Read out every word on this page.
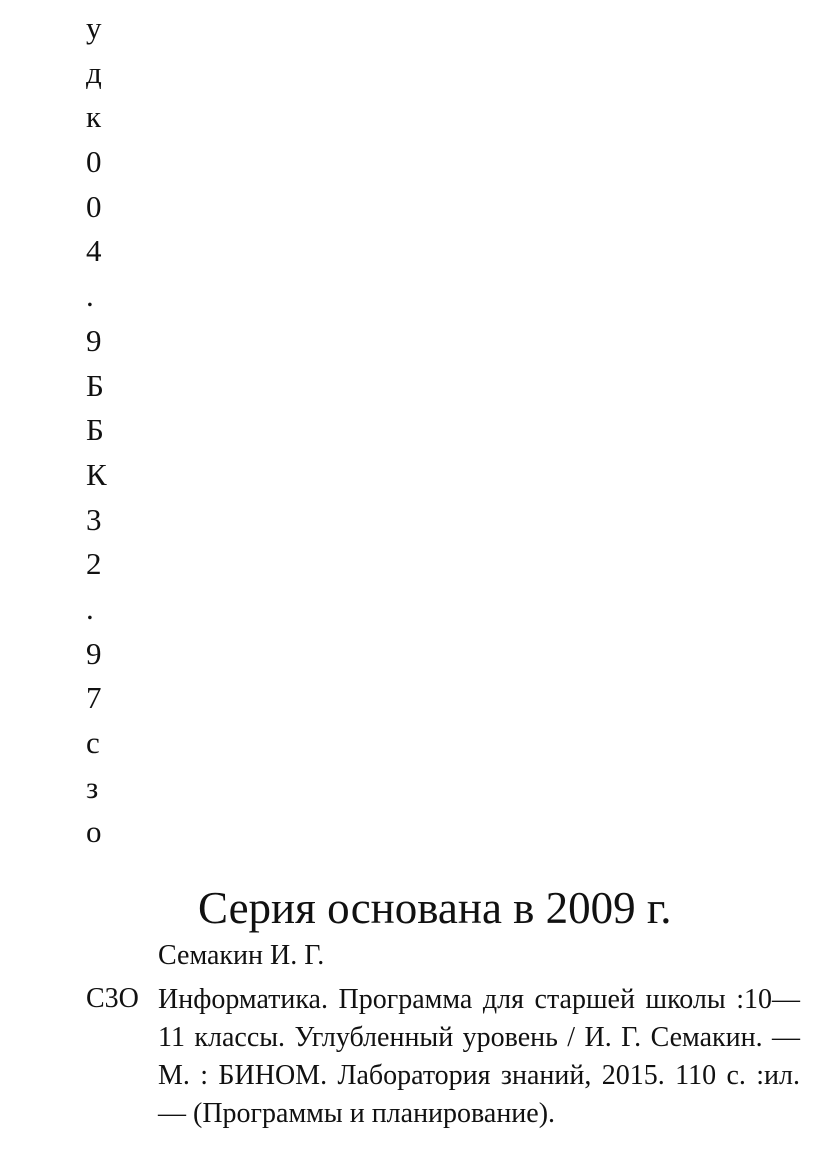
у
д
к
0
0
4
.
9
Б
Б
К
3
2
.
9
7
с
з
о
Серия основана в 2009 г.
Семакин И. Г.
С3О Информатика. Программа для старшей школы :10—11 классы. Углубленный уровень / И. Г. Семакин. — М. : БИНОМ. Лаборатория знаний, 2015. 110 с. :ил. — (Программы и планирование).
